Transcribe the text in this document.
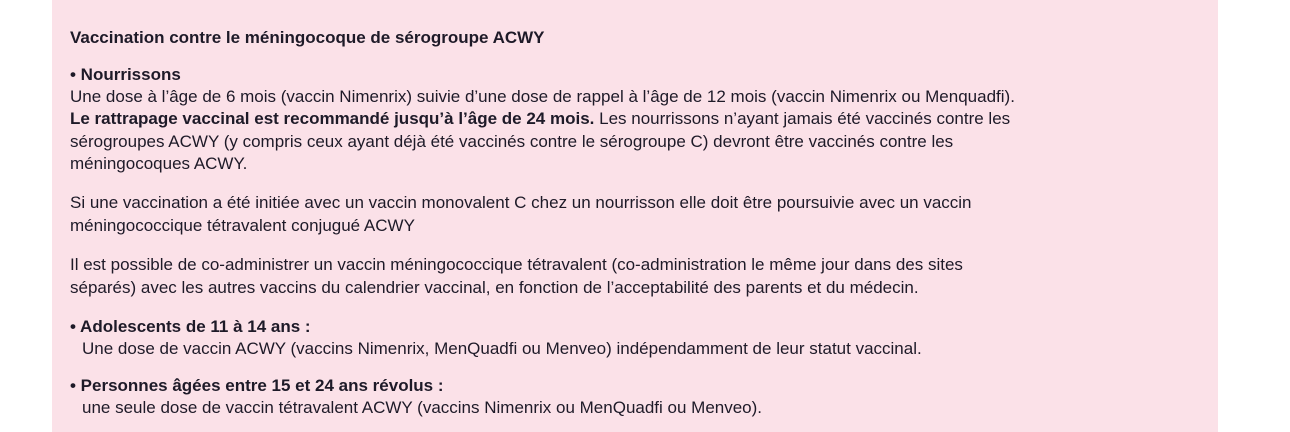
Vaccination contre le méningocoque de sérogroupe ACWY
• Nourrissons
Une dose à l’âge de 6 mois (vaccin Nimenrix) suivie d’une dose de rappel à l’âge de 12 mois (vaccin Nimenrix ou Menquadfi).
Le rattrapage vaccinal est recommandé jusqu’à l’âge de 24 mois. Les nourrissons n’ayant jamais été vaccinés contre les
sérogroupes ACWY (y compris ceux ayant déjà été vaccinés contre le sérogroupe C) devront être vaccinés contre les
méningocoques ACWY.
Si une vaccination a été initiée avec un vaccin monovalent C chez un nourrisson elle doit être poursuivie avec un vaccin
méningococcique tétravalent conjugué ACWY
Il est possible de co-administrer un vaccin méningococcique tétravalent (co-administration le même jour dans des sites
séparés) avec les autres vaccins du calendrier vaccinal, en fonction de l’acceptabilité des parents et du médecin.
• Adolescents de 11 à 14 ans :
Une dose de vaccin ACWY (vaccins Nimenrix, MenQuadfi ou Menveo) indépendamment de leur statut vaccinal.
• Personnes âgées entre 15 et 24 ans révolus :
une seule dose de vaccin tétravalent ACWY (vaccins Nimenrix ou MenQuadfi ou Menveo).
